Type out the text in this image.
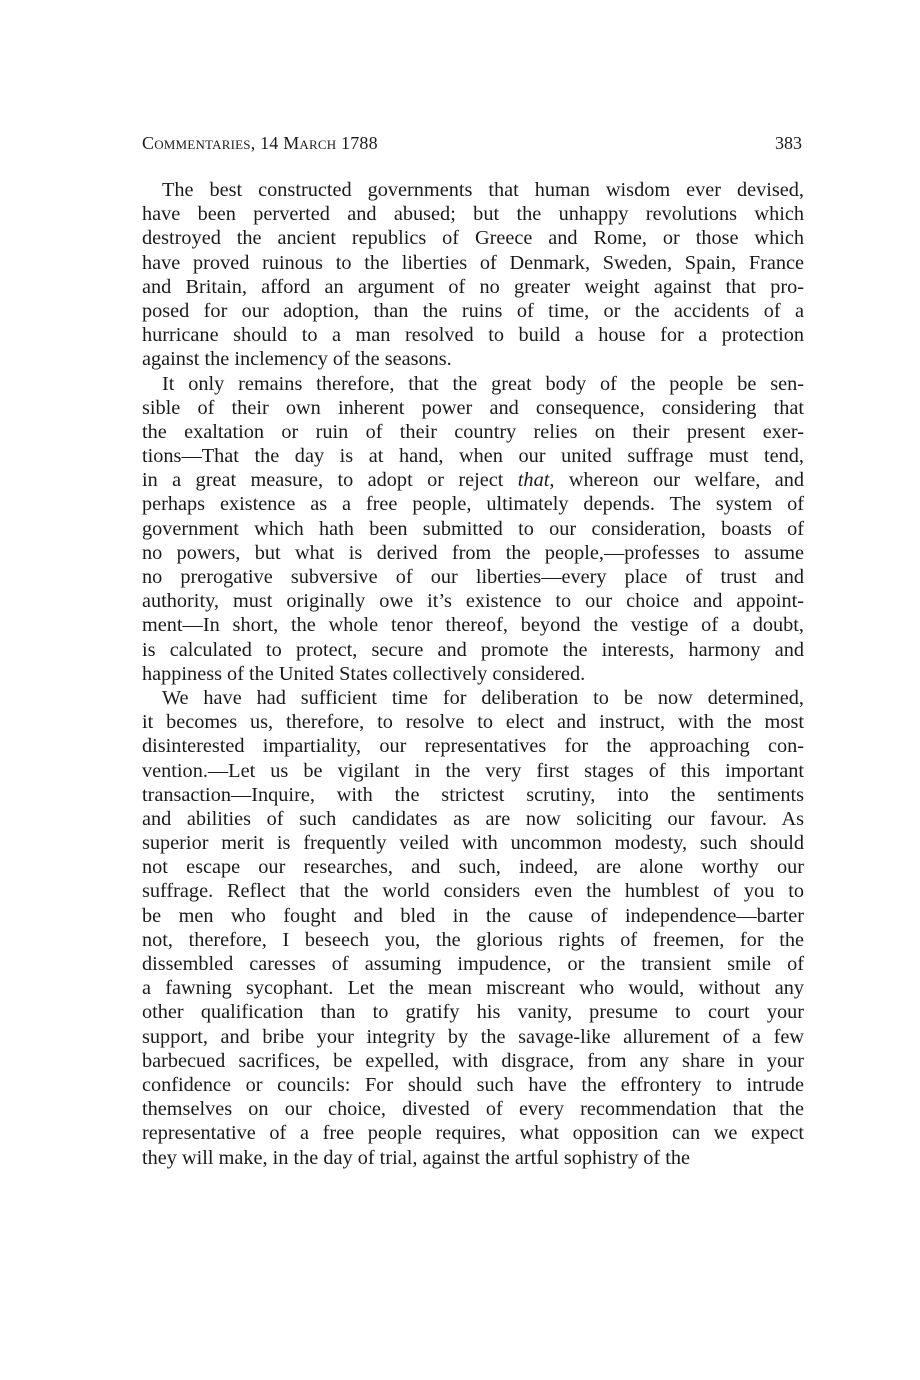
Commentaries, 14 March 1788	383
The best constructed governments that human wisdom ever devised,
have been perverted and abused; but the unhappy revolutions which
destroyed the ancient republics of Greece and Rome, or those which
have proved ruinous to the liberties of Denmark, Sweden, Spain, France
and Britain, afford an argument of no greater weight against that pro-
posed for our adoption, than the ruins of time, or the accidents of a
hurricane should to a man resolved to build a house for a protection
against the inclemency of the seasons.
It only remains therefore, that the great body of the people be sen-
sible of their own inherent power and consequence, considering that
the exaltation or ruin of their country relies on their present exer-
tions—That the day is at hand, when our united suffrage must tend,
in a great measure, to adopt or reject that, whereon our welfare, and
perhaps existence as a free people, ultimately depends. The system of
government which hath been submitted to our consideration, boasts of
no powers, but what is derived from the people,—professes to assume
no prerogative subversive of our liberties—every place of trust and
authority, must originally owe it’s existence to our choice and appoint-
ment—In short, the whole tenor thereof, beyond the vestige of a doubt,
is calculated to protect, secure and promote the interests, harmony and
happiness of the United States collectively considered.
We have had sufficient time for deliberation to be now determined,
it becomes us, therefore, to resolve to elect and instruct, with the most
disinterested impartiality, our representatives for the approaching con-
vention.—Let us be vigilant in the very first stages of this important
transaction—Inquire, with the strictest scrutiny, into the sentiments
and abilities of such candidates as are now soliciting our favour. As
superior merit is frequently veiled with uncommon modesty, such should
not escape our researches, and such, indeed, are alone worthy our
suffrage. Reflect that the world considers even the humblest of you to
be men who fought and bled in the cause of independence—barter
not, therefore, I beseech you, the glorious rights of freemen, for the
dissembled caresses of assuming impudence, or the transient smile of
a fawning sycophant. Let the mean miscreant who would, without any
other qualification than to gratify his vanity, presume to court your
support, and bribe your integrity by the savage-like allurement of a few
barbecued sacrifices, be expelled, with disgrace, from any share in your
confidence or councils: For should such have the effrontery to intrude
themselves on our choice, divested of every recommendation that the
representative of a free people requires, what opposition can we expect
they will make, in the day of trial, against the artful sophistry of the
